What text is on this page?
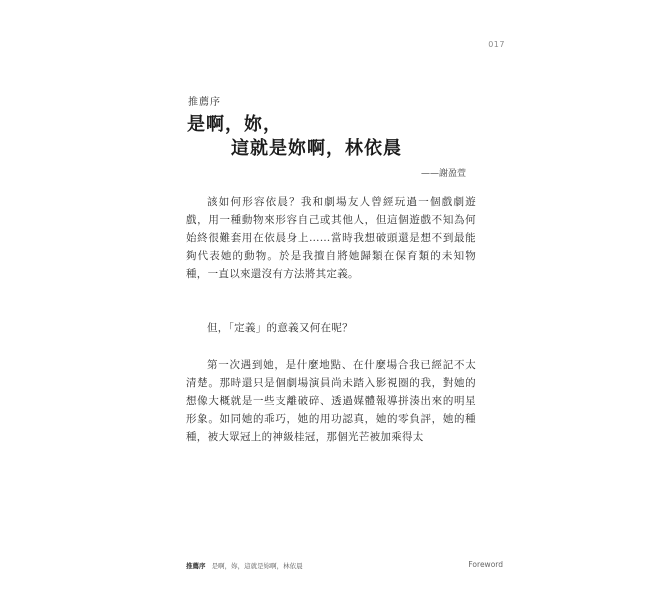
017
推薦序
是啊，妳，
這就是妳啊，林依晨
——謝盈萱

該如何形容依晨？我和劇場友人曾經玩過一個戲劇遊戲，用一種動物來形容自己或其他人，但這個遊戲不知為何始終很難套用在依晨身上……當時我想破頭還是想不到最能夠代表她的動物。於是我擅自將她歸類在保育類的未知物種，一直以來還沒有方法將其定義。

但，「定義」的意義又何在呢？

第一次遇到她，是什麼地點、在什麼場合我已經記不太清楚。那時還只是個劇場演員尚未踏入影視圈的我，對她的想像大概就是一些支離破碎、透過媒體報導拼湊出來的明星形象。如同她的乖巧，她的用功認真，她的零負評，她的種種，被大眾冠上的神級桂冠，那個光芒被加乘得太

推薦序 是啊，妳，這就是妳啊，林依晨	Foreword
